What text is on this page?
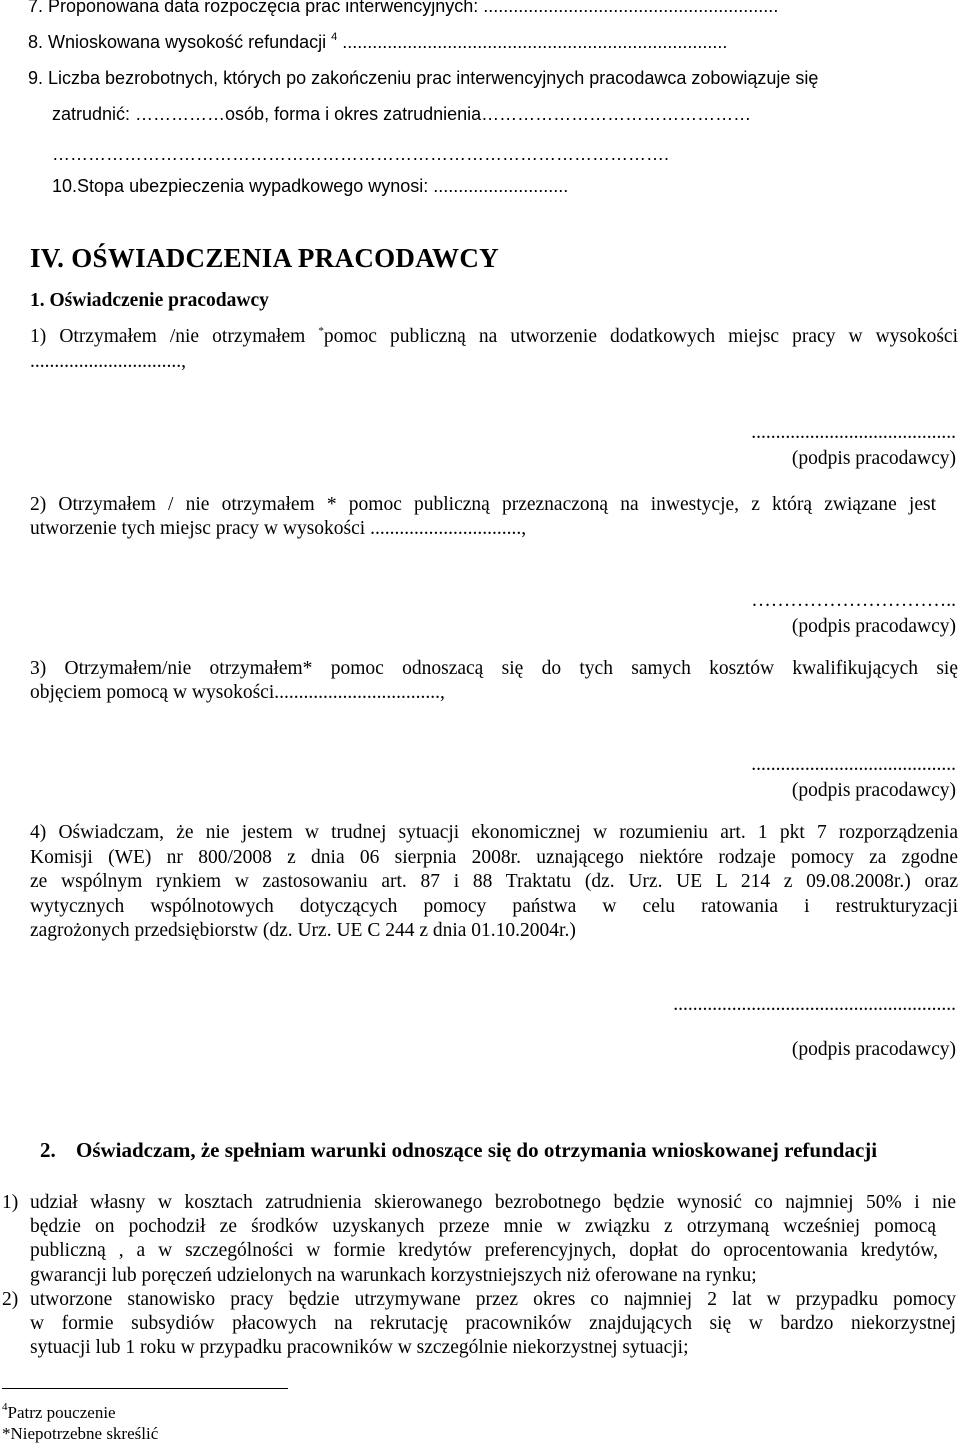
7. Proponowana data rozpoczęcia prac interwencyjnych: ...........................................................
8. Wnioskowana wysokość refundacji $^4$ .............................................................................
9. Liczba bezrobotnych, których po zakończeniu prac interwencyjnych pracodawca zobowiązuje się
zatrudnić: ……………osób, forma i okres zatrudnienia………………………………………
………………………………………………………………………………………….
10.Stopa ubezpieczenia wypadkowego wynosi: ...........................
IV. OŚWIADCZENIA PRACODAWCY
1. Oświadczenie pracodawcy
1) Otrzymałem /nie otrzymałem *pomoc publiczną na utworzenie dodatkowych miejsc pracy w wysokości
...............................,
..........................................
(podpis pracodawcy)
2) Otrzymałem / nie otrzymałem * pomoc publiczną przeznaczoną na inwestycje, z którą związane jest
utworzenie tych miejsc pracy w wysokości ...............................,
…………………………..
(podpis pracodawcy)
3) Otrzymałem/nie otrzymałem* pomoc odnoszacą się do tych samych kosztów kwalifikujących się
objęciem pomocą w wysokości..................................,
..........................................
(podpis pracodawcy)
4) Oświadczam, że nie jestem w trudnej sytuacji ekonomicznej w rozumieniu art. 1 pkt 7 rozporządzenia
Komisji (WE) nr 800/2008 z dnia 06 sierpnia 2008r. uznającego niektóre rodzaje pomocy za zgodne
ze wspólnym rynkiem w zastosowaniu art. 87 i 88 Traktatu (dz. Urz. UE L 214 z 09.08.2008r.) oraz
wytycznych wspólnotowych dotyczących pomocy państwa w celu ratowania i restrukturyzacji
zagrożonych przedsiębiorstw (dz. Urz. UE C 244 z dnia 01.10.2004r.)
..........................................................
(podpis pracodawcy)
2. Oświadczam, że spełniam warunki odnoszące się do otrzymania wnioskowanej refundacji
1) udział własny w kosztach zatrudnienia skierowanego bezrobotnego będzie wynosić co najmniej 50% i nie
będzie on pochodził ze środków uzyskanych przeze mnie w związku z otrzymaną wcześniej pomocą
publiczną , a w szczególności w formie kredytów preferencyjnych, dopłat do oprocentowania kredytów,
gwarancji lub poręczeń udzielonych na warunkach korzystniejszych niż oferowane na rynku;
2) utworzone stanowisko pracy będzie utrzymywane przez okres co najmniej 2 lat w przypadku pomocy
w formie subsydiów płacowych na rekrutację pracowników znajdujących się w bardzo niekorzystnej
sytuacji lub 1 roku w przypadku pracowników w szczególnie niekorzystnej sytuacji;
$^4$Patrz pouczenie
*Niepotrzebne skreślić
